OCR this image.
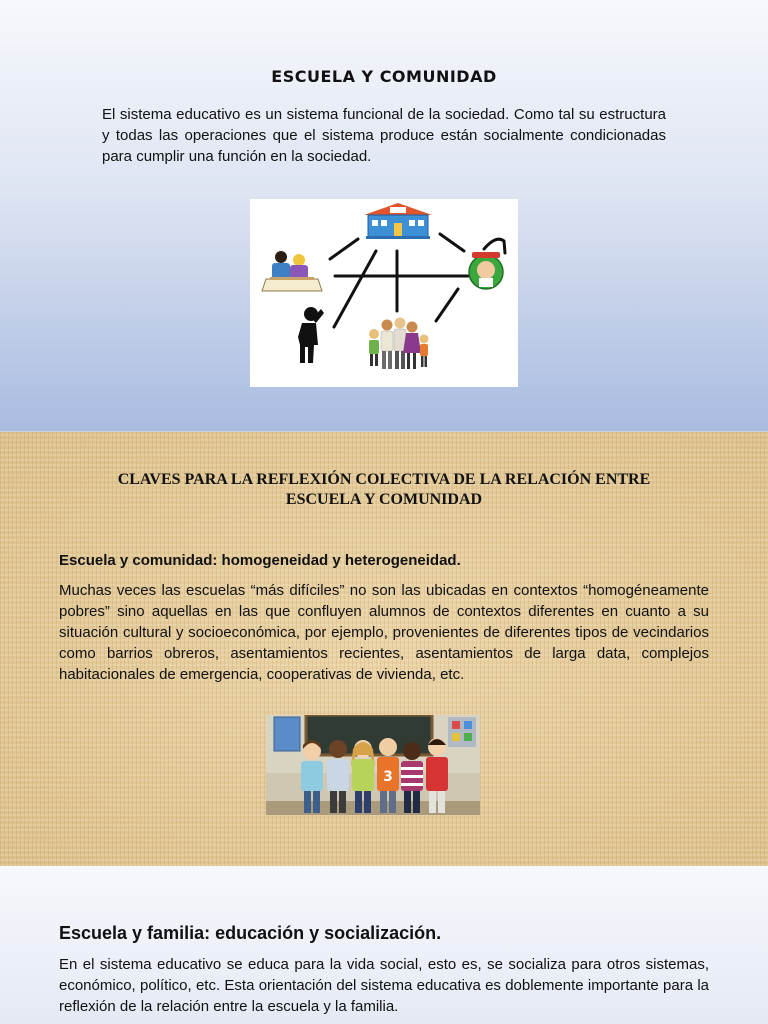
ESCUELA Y COMUNIDAD
El sistema educativo es un sistema funcional de la sociedad. Como tal su estructura y todas las operaciones que el sistema produce están socialmente condicionadas para cumplir una función en la sociedad.
CLAVES PARA LA REFLEXIÓN COLECTIVA DE LA RELACIÓN ENTRE
ESCUELA Y COMUNIDAD
Escuela y comunidad: homogeneidad y heterogeneidad.
Muchas veces las escuelas “más difíciles” no son las ubicadas en contextos “homogéneamente pobres” sino aquellas en las que confluyen alumnos de contextos diferentes en cuanto a su situación cultural y socioeconómica, por ejemplo, provenientes de diferentes tipos de vecindarios como barrios obreros, asentamientos recientes, asentamientos de larga data, complejos habitacionales de emergencia, cooperativas de vivienda, etc.
3
Escuela y familia: educación y socialización.
En el sistema educativo se educa para la vida social, esto es, se socializa para otros sistemas, económico, político, etc. Esta orientación del sistema educativa es doblemente importante para la reflexión de la relación entre la escuela y la familia.
